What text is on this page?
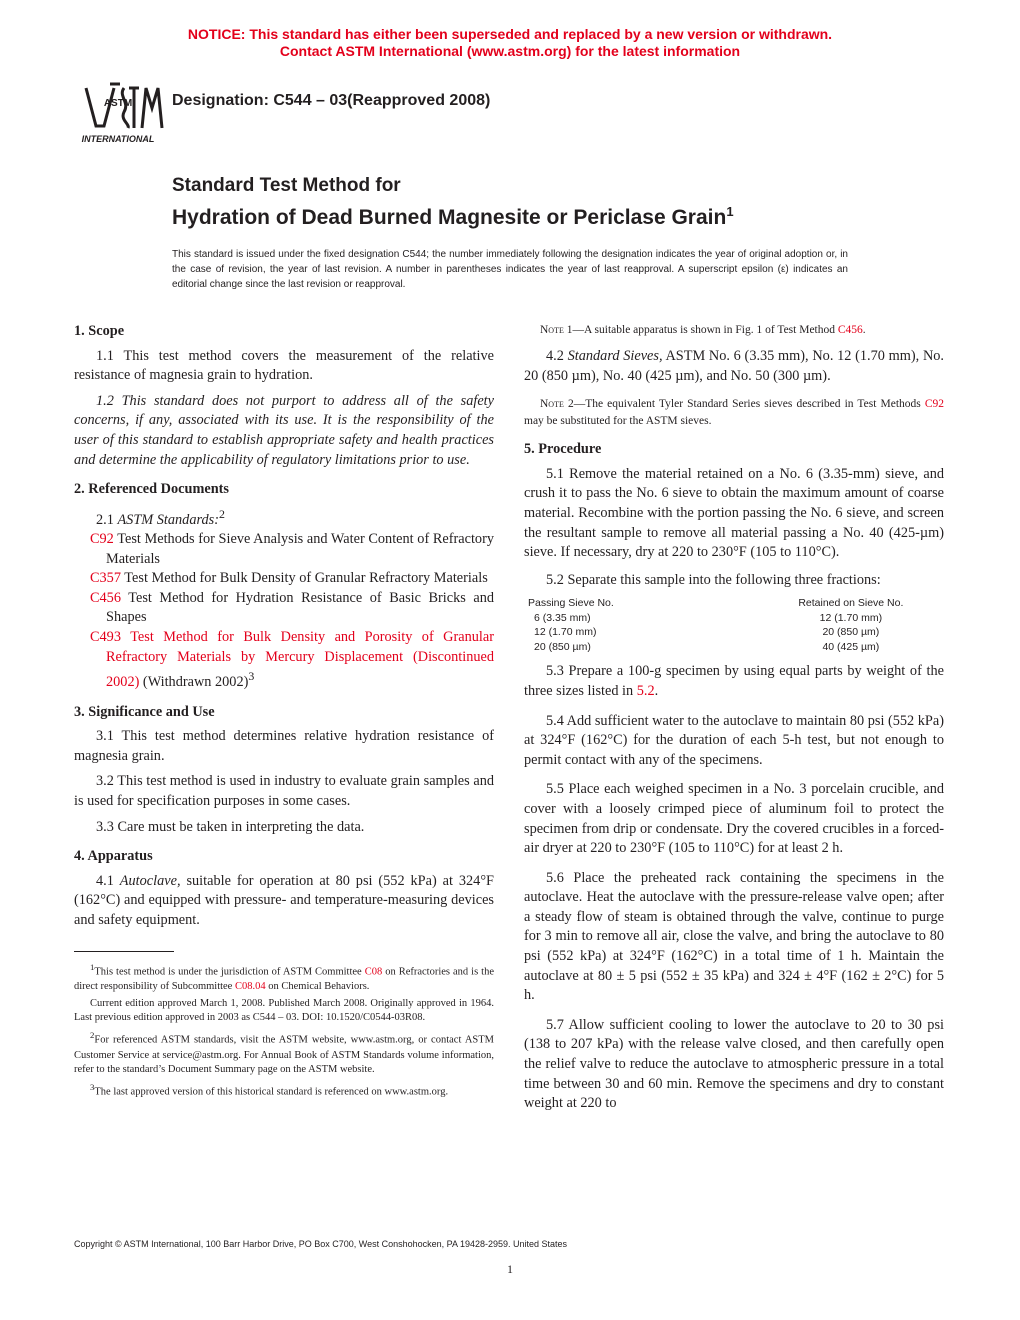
NOTICE: This standard has either been superseded and replaced by a new version or withdrawn.
Contact ASTM International (www.astm.org) for the latest information
ASTM
INTERNATIONAL
Designation: C544 – 03(Reapproved 2008)
Standard Test Method for
Hydration of Dead Burned Magnesite or Periclase Grain$^1$
This standard is issued under the fixed designation C544; the number immediately following the designation indicates the year of original adoption or, in the case of revision, the year of last revision. A number in parentheses indicates the year of last reapproval. A superscript epsilon (ε) indicates an editorial change since the last revision or reapproval.
1. Scope

1.1 This test method covers the measurement of the relative resistance of magnesia grain to hydration.

1.2 This standard does not purport to address all of the safety concerns, if any, associated with its use. It is the responsibility of the user of this standard to establish appropriate safety and health practices and determine the applicability of regulatory limitations prior to use.

2. Referenced Documents

2.1 ASTM Standards:$^2$

C92 Test Methods for Sieve Analysis and Water Content of Refractory Materials

C357 Test Method for Bulk Density of Granular Refractory Materials

C456 Test Method for Hydration Resistance of Basic Bricks and Shapes

C493 Test Method for Bulk Density and Porosity of Granular Refractory Materials by Mercury Displacement (Discontinued 2002) (Withdrawn 2002)$^3$

3. Significance and Use

3.1 This test method determines relative hydration resistance of magnesia grain.

3.2 This test method is used in industry to evaluate grain samples and is used for specification purposes in some cases.

3.3 Care must be taken in interpreting the data.

4. Apparatus

4.1 Autoclave, suitable for operation at 80 psi (552 kPa) at 324°F (162°C) and equipped with pressure- and temperature-measuring devices and safety equipment.

$^1$This test method is under the jurisdiction of ASTM Committee C08 on Refractories and is the direct responsibility of Subcommittee C08.04 on Chemical Behaviors.

Current edition approved March 1, 2008. Published March 2008. Originally approved in 1964. Last previous edition approved in 2003 as C544 – 03. DOI: 10.1520/C0544-03R08.

$^2$For referenced ASTM standards, visit the ASTM website, www.astm.org, or contact ASTM Customer Service at service@astm.org. For Annual Book of ASTM Standards volume information, refer to the standard’s Document Summary page on the ASTM website.

$^3$The last approved version of this historical standard is referenced on www.astm.org.

Note 1—A suitable apparatus is shown in Fig. 1 of Test Method C456.

4.2 Standard Sieves, ASTM No. 6 (3.35 mm), No. 12 (1.70 mm), No. 20 (850 µm), No. 40 (425 µm), and No. 50 (300 µm).

Note 2—The equivalent Tyler Standard Series sieves described in Test Methods C92 may be substituted for the ASTM sieves.

5. Procedure

5.1 Remove the material retained on a No. 6 (3.35-mm) sieve, and crush it to pass the No. 6 sieve to obtain the maximum amount of coarse material. Recombine with the portion passing the No. 6 sieve, and screen the resultant sample to remove all material passing a No. 40 (425-µm) sieve. If necessary, dry at 220 to 230°F (105 to 110°C).

5.2 Separate this sample into the following three fractions:

Passing Sieve No.	Retained on Sieve No.
6 (3.35 mm)	12 (1.70 mm)
12 (1.70 mm)	20 (850 µm)
20 (850 µm)	40 (425 µm)

5.3 Prepare a 100-g specimen by using equal parts by weight of the three sizes listed in 5.2.

5.4 Add sufficient water to the autoclave to maintain 80 psi (552 kPa) at 324°F (162°C) for the duration of each 5-h test, but not enough to permit contact with any of the specimens.

5.5 Place each weighed specimen in a No. 3 porcelain crucible, and cover with a loosely crimped piece of aluminum foil to protect the specimen from drip or condensate. Dry the covered crucibles in a forced-air dryer at 220 to 230°F (105 to 110°C) for at least 2 h.

5.6 Place the preheated rack containing the specimens in the autoclave. Heat the autoclave with the pressure-release valve open; after a steady flow of steam is obtained through the valve, continue to purge for 3 min to remove all air, close the valve, and bring the autoclave to 80 psi (552 kPa) at 324°F (162°C) in a total time of 1 h. Maintain the autoclave at 80 ± 5 psi (552 ± 35 kPa) and 324 ± 4°F (162 ± 2°C) for 5 h.

5.7 Allow sufficient cooling to lower the autoclave to 20 to 30 psi (138 to 207 kPa) with the release valve closed, and then carefully open the relief valve to reduce the autoclave to atmospheric pressure in a total time between 30 and 60 min. Remove the specimens and dry to constant weight at 220 to

Copyright © ASTM International, 100 Barr Harbor Drive, PO Box C700, West Conshohocken, PA 19428-2959. United States
1
